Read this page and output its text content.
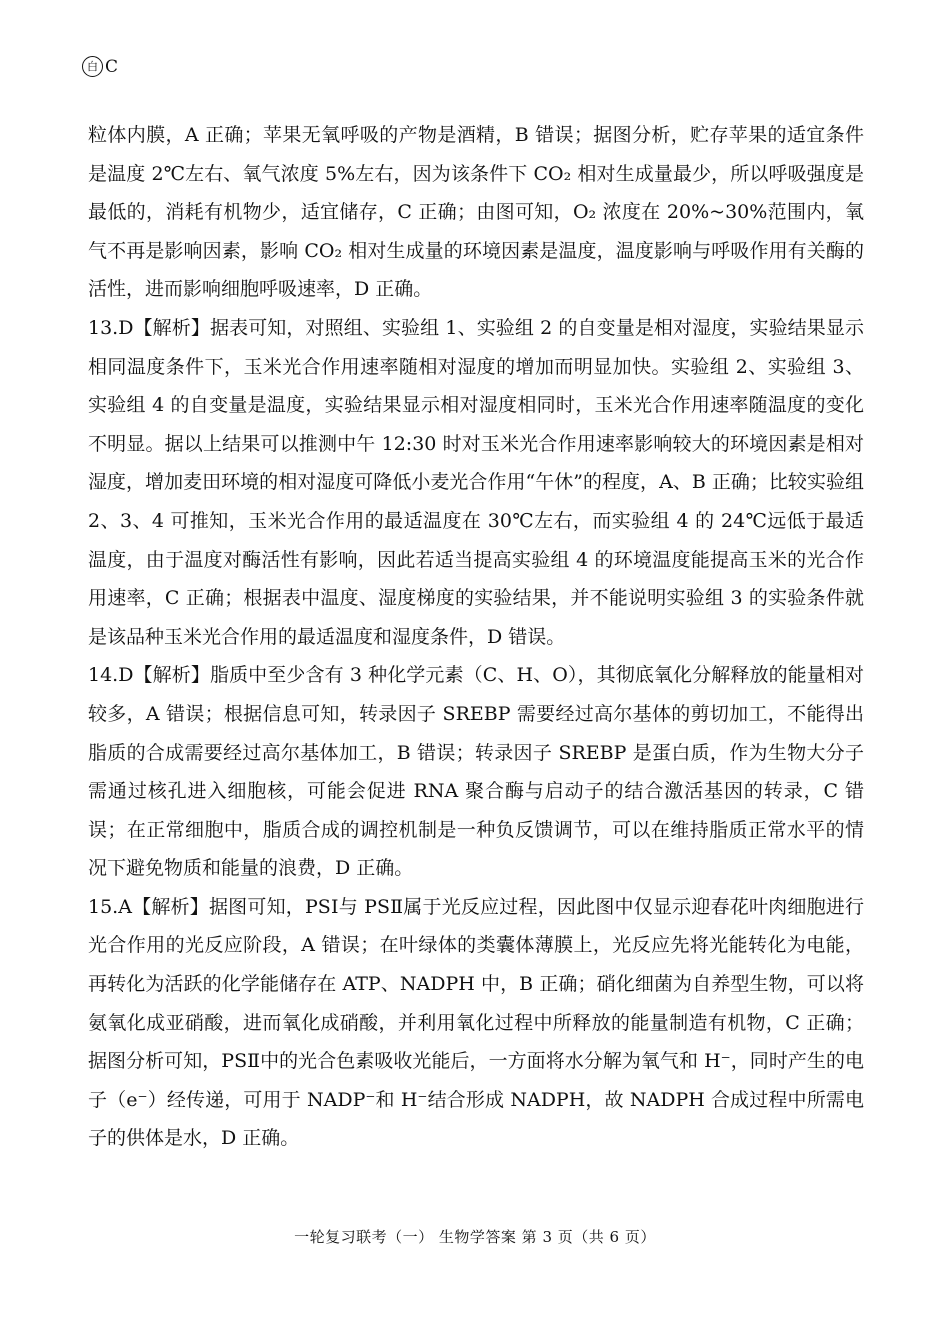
白 C

粒体内膜，A 正确；苹果无氧呼吸的产物是酒精，B 错误；据图分析，贮存苹果的适宜条件是温度 2℃左右、氧气浓度 5%左右，因为该条件下 CO₂ 相对生成量最少，所以呼吸强度是最低的，消耗有机物少，适宜储存，C 正确；由图可知，O₂ 浓度在 20%~30%范围内，氧气不再是影响因素，影响 CO₂ 相对生成量的环境因素是温度，温度影响与呼吸作用有关酶的活性，进而影响细胞呼吸速率，D 正确。

13.D【解析】据表可知，对照组、实验组 1、实验组 2 的自变量是相对湿度，实验结果显示相同温度条件下，玉米光合作用速率随相对湿度的增加而明显加快。实验组 2、实验组 3、实验组 4 的自变量是温度，实验结果显示相对湿度相同时，玉米光合作用速率随温度的变化不明显。据以上结果可以推测中午 12:30 时对玉米光合作用速率影响较大的环境因素是相对湿度，增加麦田环境的相对湿度可降低小麦光合作用“午休”的程度，A、B 正确；比较实验组 2、3、4 可推知，玉米光合作用的最适温度在 30℃左右，而实验组 4 的 24℃远低于最适温度，由于温度对酶活性有影响，因此若适当提高实验组 4 的环境温度能提高玉米的光合作用速率，C 正确；根据表中温度、湿度梯度的实验结果，并不能说明实验组 3 的实验条件就是该品种玉米光合作用的最适温度和湿度条件，D 错误。

14.D【解析】脂质中至少含有 3 种化学元素（C、H、O），其彻底氧化分解释放的能量相对较多，A 错误；根据信息可知，转录因子 SREBP 需要经过高尔基体的剪切加工，不能得出脂质的合成需要经过高尔基体加工，B 错误；转录因子 SREBP 是蛋白质，作为生物大分子需通过核孔进入细胞核，可能会促进 RNA 聚合酶与启动子的结合激活基因的转录，C 错误；在正常细胞中，脂质合成的调控机制是一种负反馈调节，可以在维持脂质正常水平的情况下避免物质和能量的浪费，D 正确。

15.A【解析】据图可知，PSⅠ与 PSⅡ属于光反应过程，因此图中仅显示迎春花叶肉细胞进行光合作用的光反应阶段，A 错误；在叶绿体的类囊体薄膜上，光反应先将光能转化为电能，再转化为活跃的化学能储存在 ATP、NADPH 中，B 正确；硝化细菌为自养型生物，可以将氨氧化成亚硝酸，进而氧化成硝酸，并利用氧化过程中所释放的能量制造有机物，C 正确；据图分析可知，PSⅡ中的光合色素吸收光能后，一方面将水分解为氧气和 H⁻，同时产生的电子（e⁻）经传递，可用于 NADP⁻和 H⁻结合形成 NADPH，故 NADPH 合成过程中所需电子的供体是水，D 正确。

一轮复习联考（一） 生物学答案 第 3 页（共 6 页）
